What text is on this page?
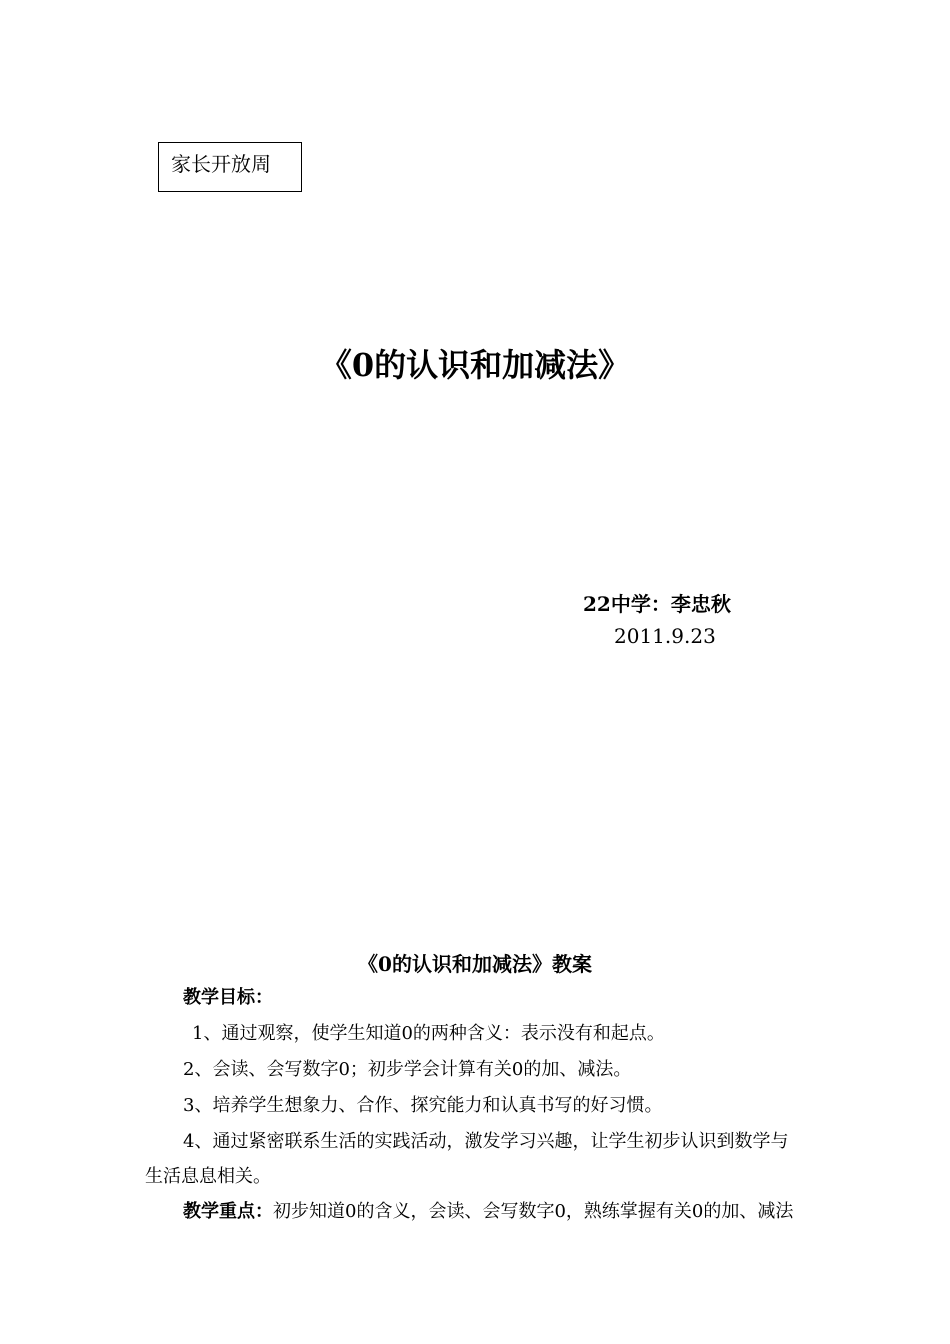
家长开放周
《0的认识和加减法》
22中学：李忠秋
2011.9.23
《0的认识和加减法》教案
教学目标：
1、通过观察，使学生知道0的两种含义：表示没有和起点。
2、会读、会写数字0；初步学会计算有关0的加、减法。
3、培养学生想象力、合作、探究能力和认真书写的好习惯。
4、通过紧密联系生活的实践活动，激发学习兴趣，让学生初步认识到数学与
生活息息相关。
教学重点：初步知道0的含义，会读、会写数字0，熟练掌握有关0的加、减法
